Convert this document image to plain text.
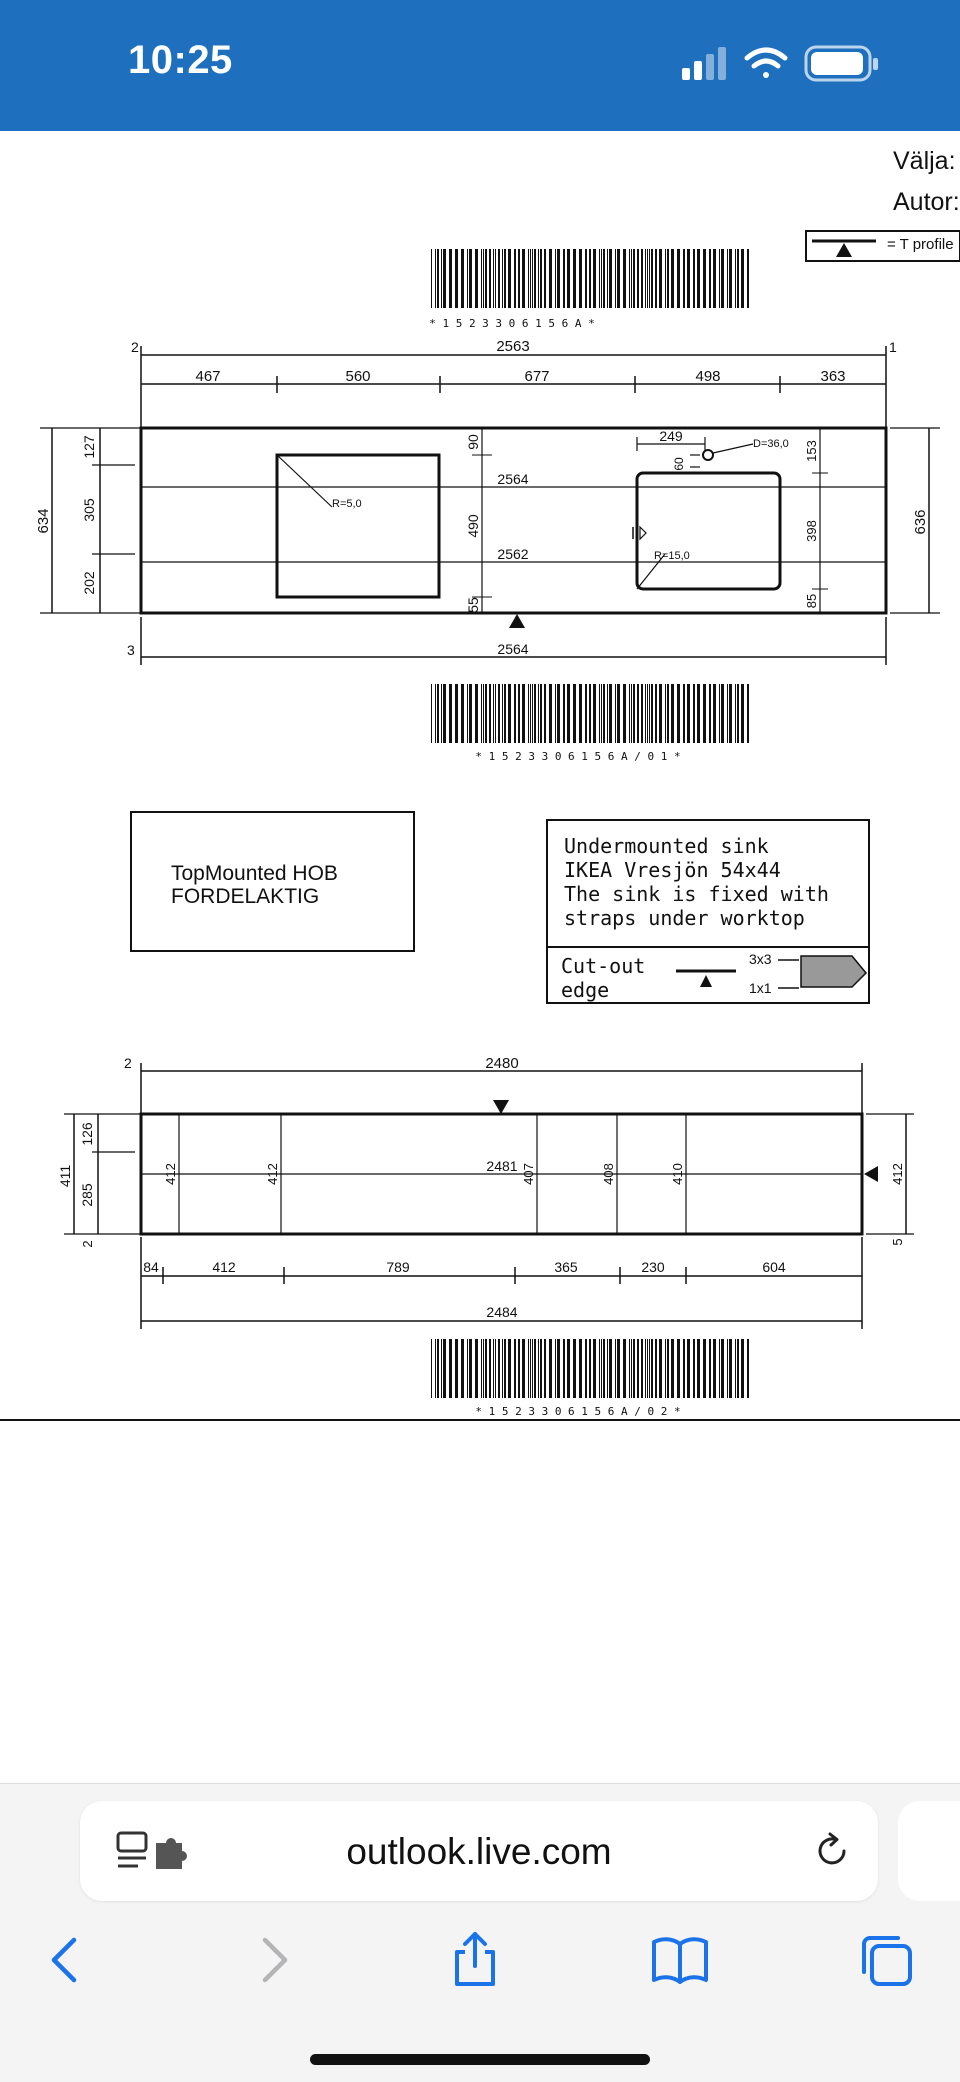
10:25
Välja:
Autor:
= T profile
* 1 5 2 3 3 0 6 1 5 6 A *
2	1
3
2563
467	560	677	498	363
634
127
305
202
636
R=5,0
90
490
55
2564
2562
2564
249
60
D=36,0 153
398
85
R=15,0
* 1 5 2 3 3 0 6 1 5 6 A / 0 1 *
TopMounted HOB
FORDELAKTIG
Undermounted sink
IKEA Vresjön 54x44
The sink is fixed with
straps under worktop
Cut-out
edge
3x3
1x1
2	2480
411
126
285
2
2481
412	412	407	408	410	412
5
84	412	789	365	230	604
2484
* 1 5 2 3 3 0 6 1 5 6 A / 0 2 *
outlook.live.com
